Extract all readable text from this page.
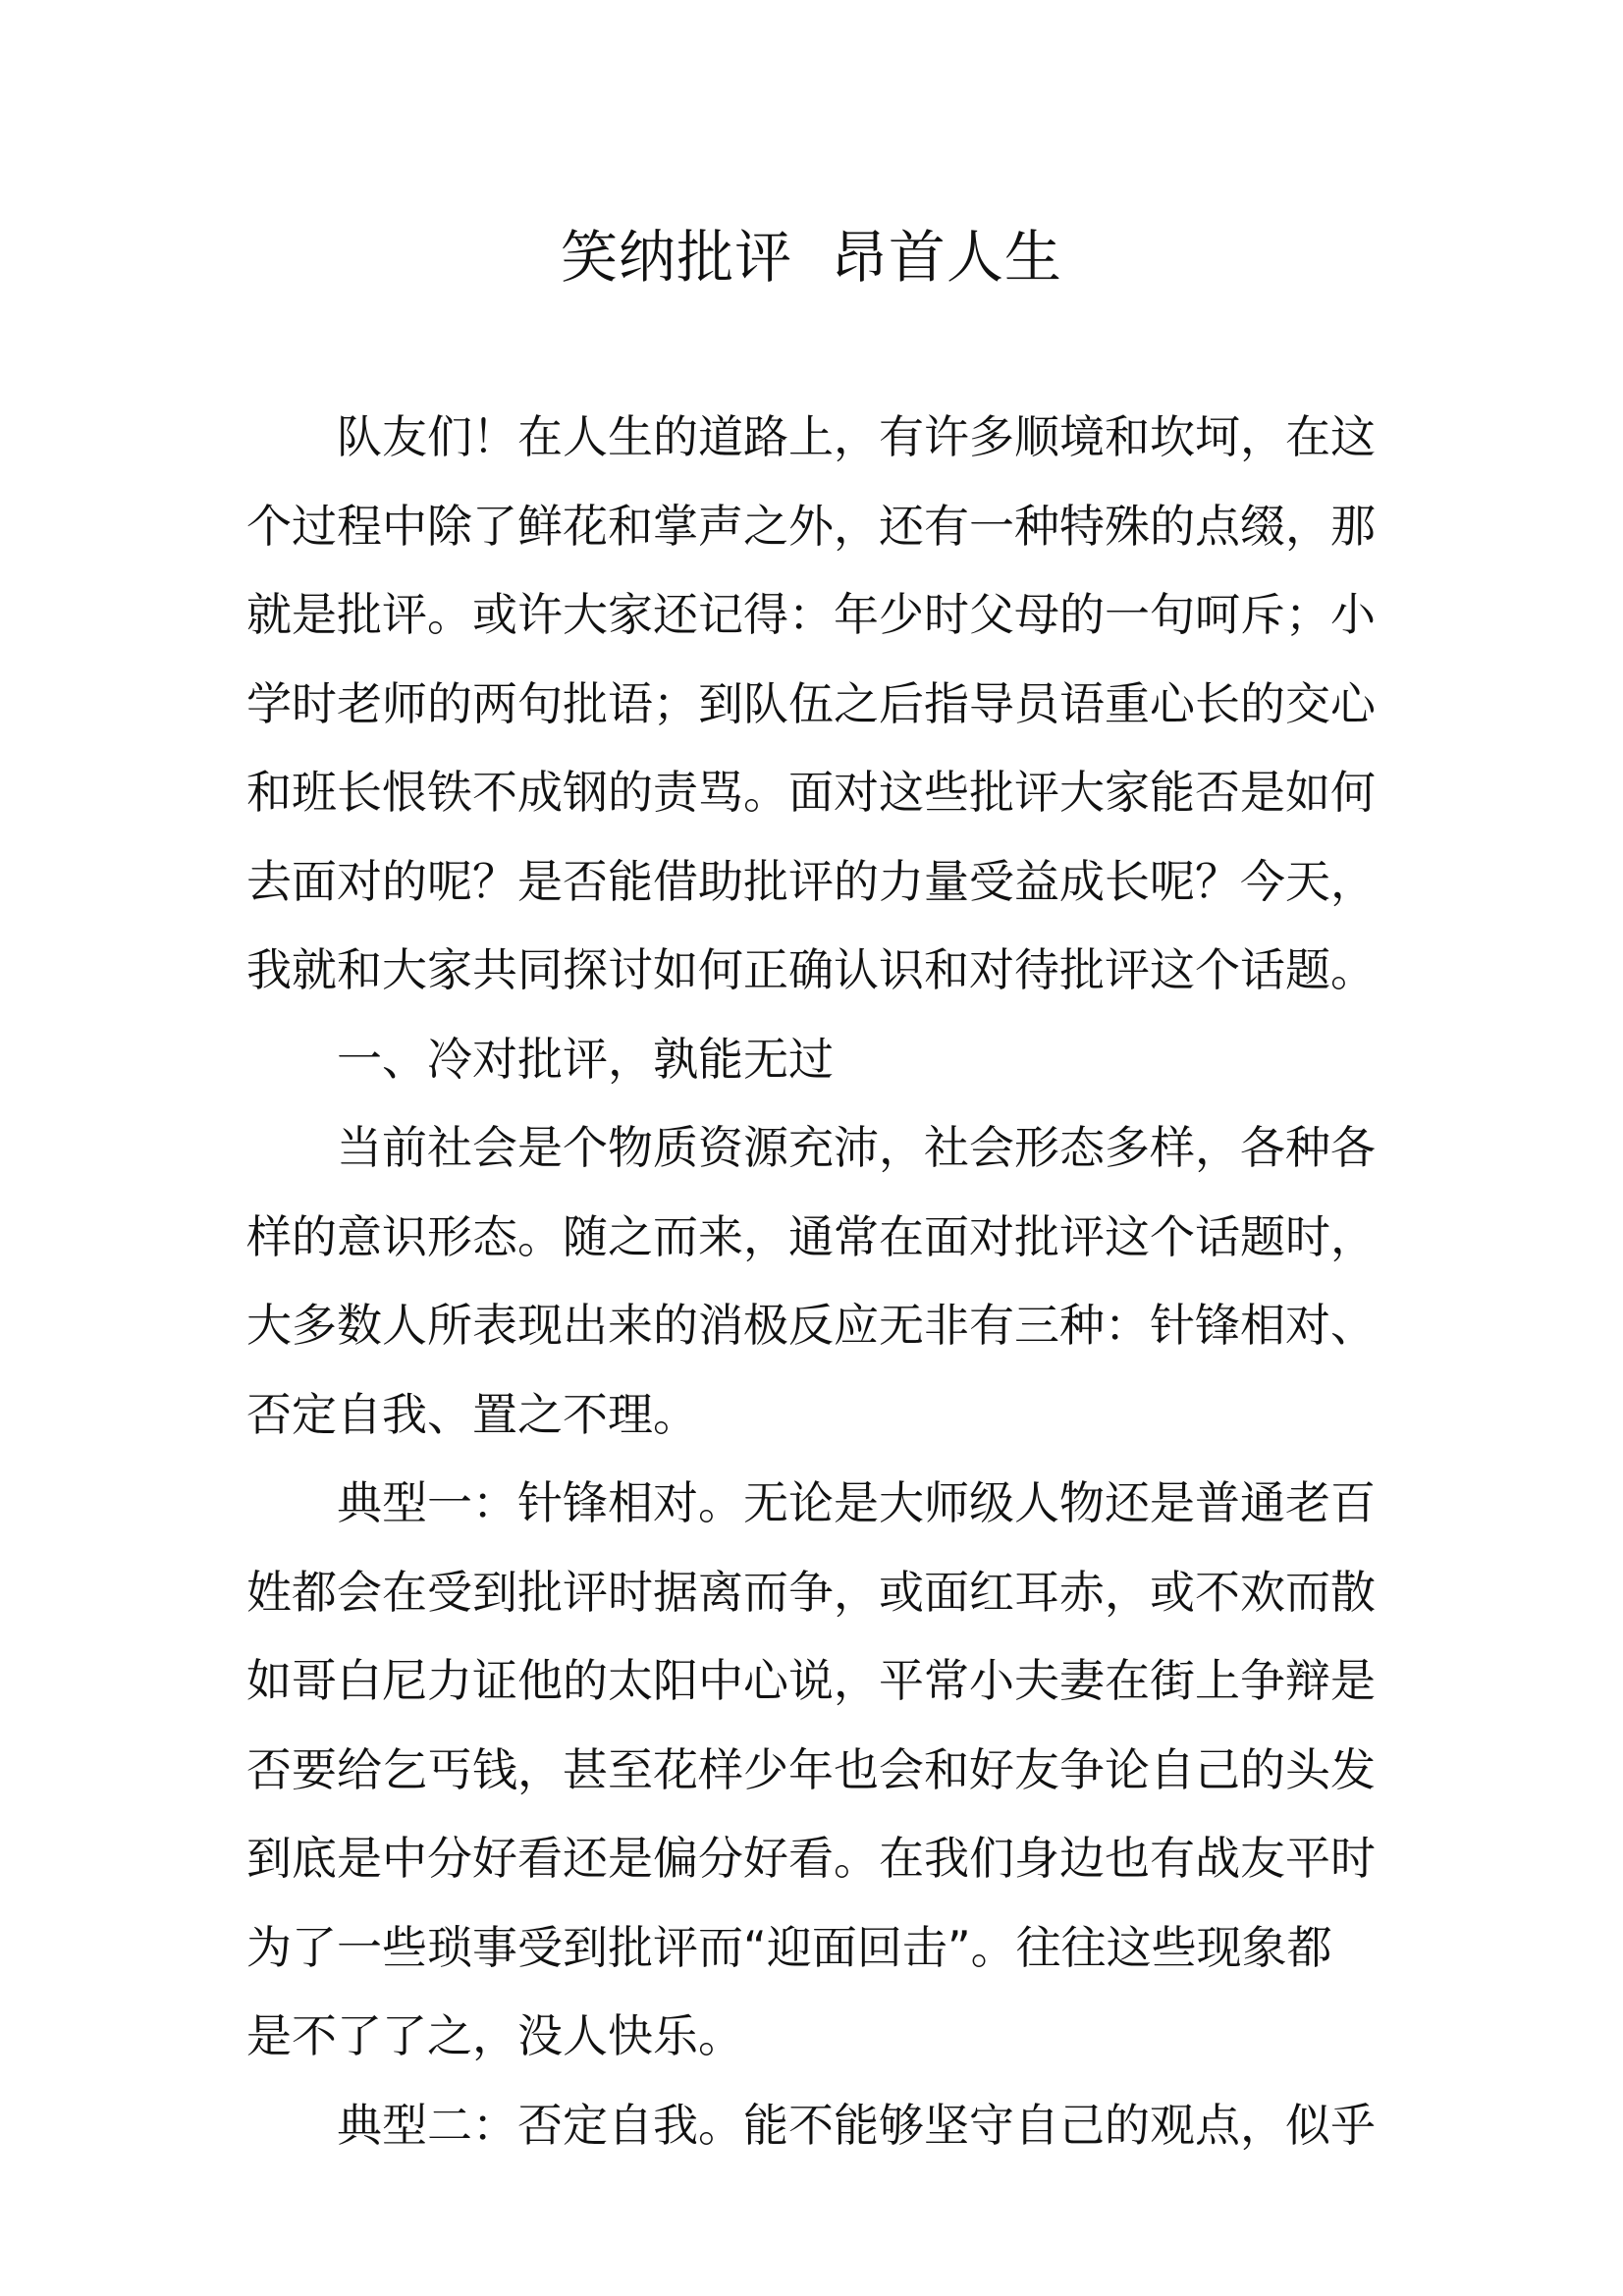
笑纳批评  昂首人生
队友们！在人生的道路上，有许多顺境和坎坷，在这
个过程中除了鲜花和掌声之外，还有一种特殊的点缀，那
就是批评。或许大家还记得：年少时父母的一句呵斥；小
学时老师的两句批语；到队伍之后指导员语重心长的交心
和班长恨铁不成钢的责骂。面对这些批评大家能否是如何
去面对的呢？是否能借助批评的力量受益成长呢？今天，
我就和大家共同探讨如何正确认识和对待批评这个话题。
一、冷对批评，孰能无过
当前社会是个物质资源充沛，社会形态多样，各种各
样的意识形态。随之而来，通常在面对批评这个话题时，
大多数人所表现出来的消极反应无非有三种：针锋相对、
否定自我、置之不理。
典型一：针锋相对。无论是大师级人物还是普通老百
姓都会在受到批评时据离而争，或面红耳赤，或不欢而散
如哥白尼力证他的太阳中心说，平常小夫妻在街上争辩是
否要给乞丐钱，甚至花样少年也会和好友争论自己的头发
到底是中分好看还是偏分好看。在我们身边也有战友平时
为了一些琐事受到批评而“迎面回击”。往往这些现象都
是不了了之，没人快乐。
典型二：否定自我。能不能够坚守自己的观点，似乎
